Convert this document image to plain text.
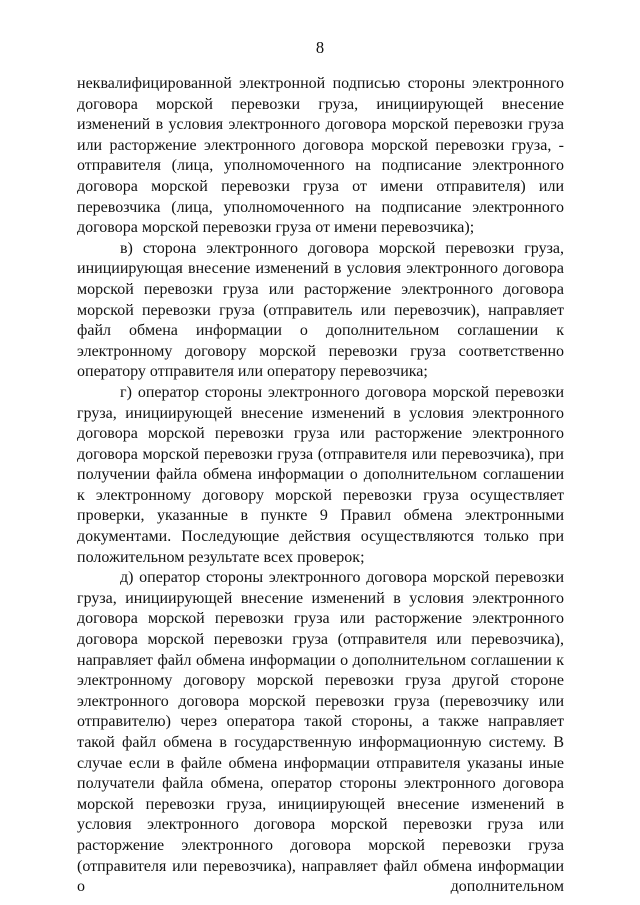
8

неквалифицированной электронной подписью стороны электронного договора морской перевозки груза, инициирующей внесение изменений в условия электронного договора морской перевозки груза или расторжение электронного договора морской перевозки груза, - отправителя (лица, уполномоченного на подписание электронного договора морской перевозки груза от имени отправителя) или перевозчика (лица, уполномоченного на подписание электронного договора морской перевозки груза от имени перевозчика);

в) сторона электронного договора морской перевозки груза, инициирующая внесение изменений в условия электронного договора морской перевозки груза или расторжение электронного договора морской перевозки груза (отправитель или перевозчик), направляет файл обмена информации о дополнительном соглашении к электронному договору морской перевозки груза соответственно оператору отправителя или оператору перевозчика;

г) оператор стороны электронного договора морской перевозки груза, инициирующей внесение изменений в условия электронного договора морской перевозки груза или расторжение электронного договора морской перевозки груза (отправителя или перевозчика), при получении файла обмена информации о дополнительном соглашении к электронному договору морской перевозки груза осуществляет проверки, указанные в пункте 9 Правил обмена электронными документами. Последующие действия осуществляются только при положительном результате всех проверок;

д) оператор стороны электронного договора морской перевозки груза, инициирующей внесение изменений в условия электронного договора морской перевозки груза или расторжение электронного договора морской перевозки груза (отправителя или перевозчика), направляет файл обмена информации о дополнительном соглашении к электронному договору морской перевозки груза другой стороне электронного договора морской перевозки груза (перевозчику или отправителю) через оператора такой стороны, а также направляет такой файл обмена в государственную информационную систему. В случае если в файле обмена информации отправителя указаны иные получатели файла обмена, оператор стороны электронного договора морской перевозки груза, инициирующей внесение изменений в условия электронного договора морской перевозки груза или расторжение электронного договора морской перевозки груза (отправителя или перевозчика), направляет файл обмена информации о дополнительном
